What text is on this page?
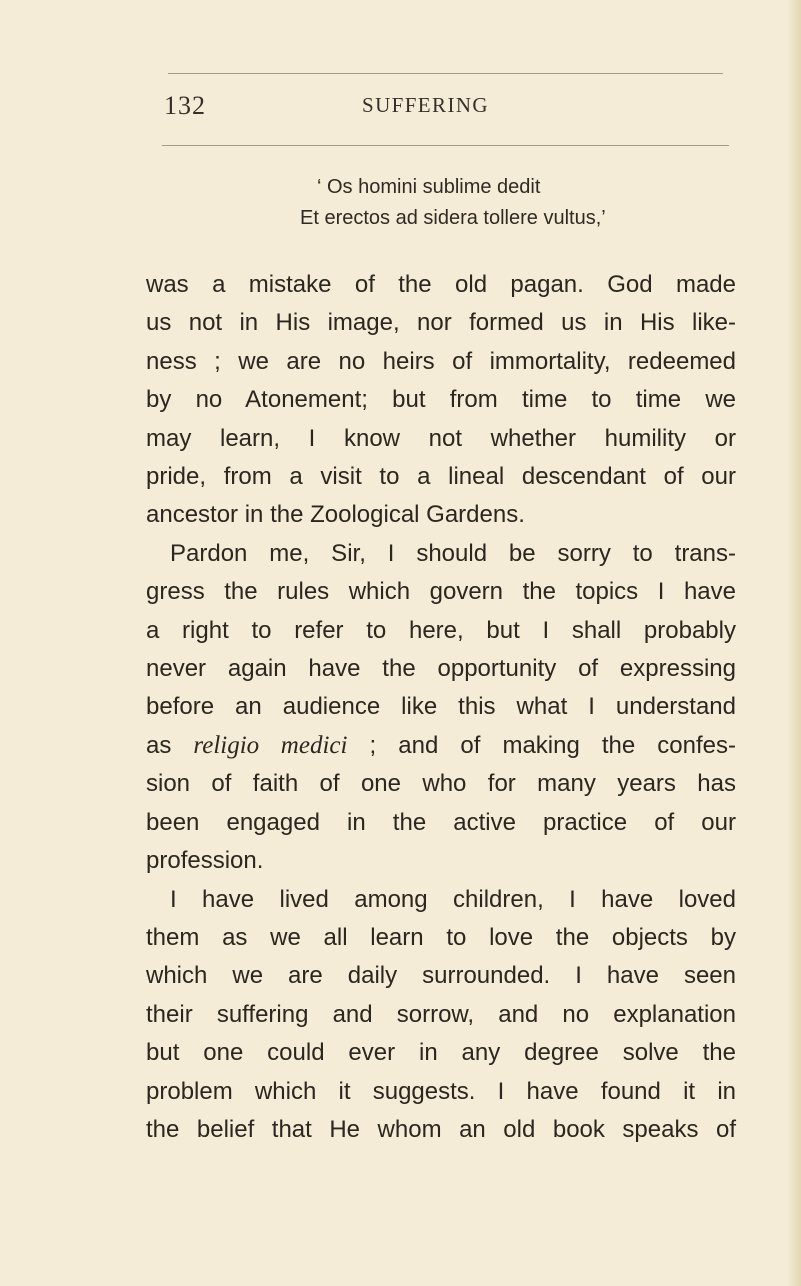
132	SUFFERING
‘ Os homini sublime dedit
Et erectos ad sidera tollere vultus,’

was a mistake of the old pagan. God made
us not in His image, nor formed us in His like-
ness ; we are no heirs of immortality, redeemed
by no Atonement; but from time to time we
may learn, I know not whether humility or
pride, from a visit to a lineal descendant of our
ancestor in the Zoological Gardens.

Pardon me, Sir, I should be sorry to trans-
gress the rules which govern the topics I have
a right to refer to here, but I shall probably
never again have the opportunity of expressing
before an audience like this what I understand
as religio medici ; and of making the confes-
sion of faith of one who for many years has
been engaged in the active practice of our
profession.

I have lived among children, I have loved
them as we all learn to love the objects by
which we are daily surrounded. I have seen
their suffering and sorrow, and no explanation
but one could ever in any degree solve the
problem which it suggests. I have found it in
the belief that He whom an old book speaks of
